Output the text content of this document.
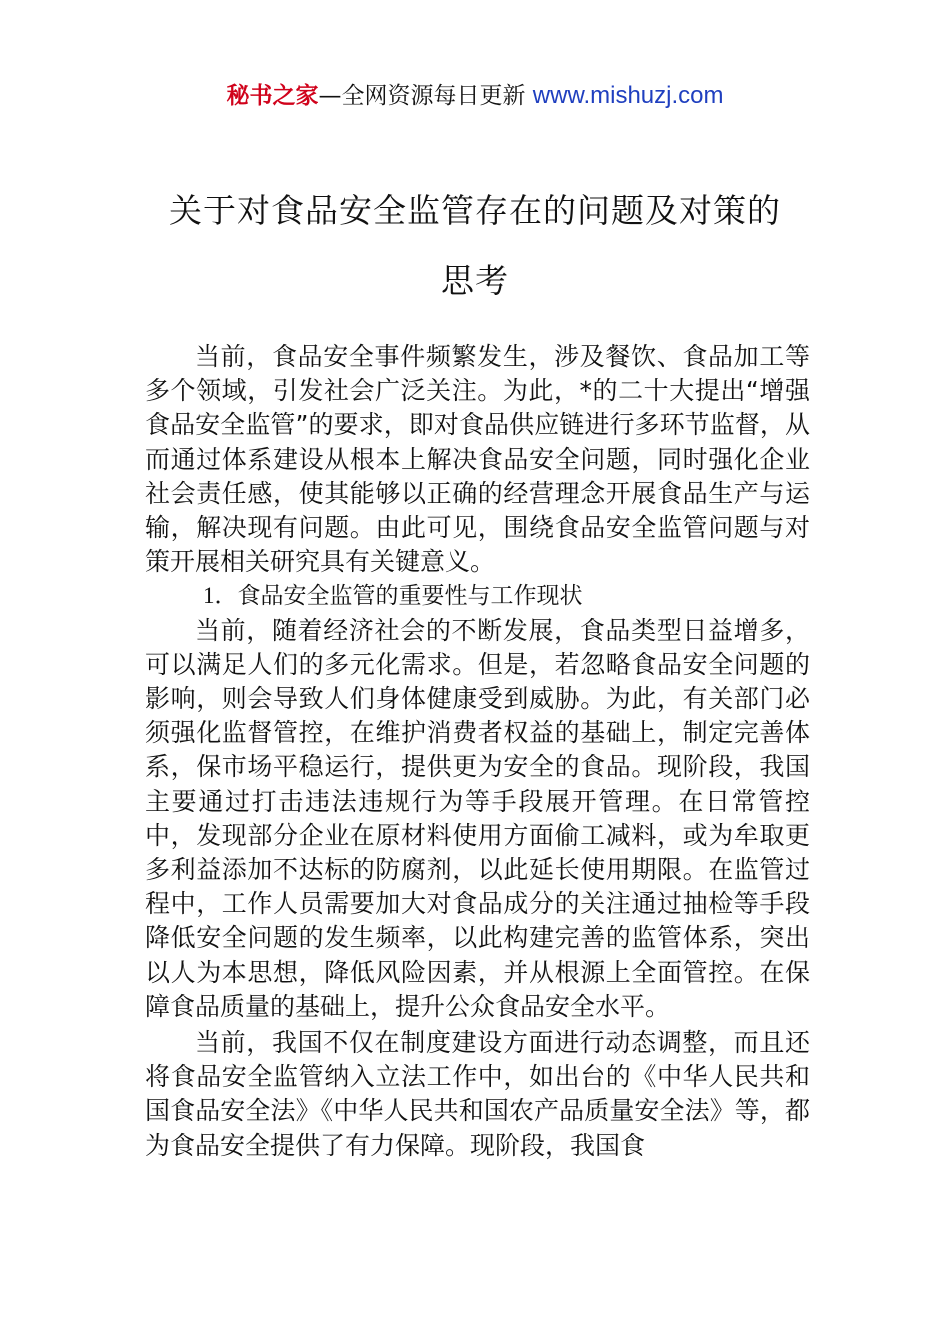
秘书之家—全网资源每日更新 www.mishuzj.com
关于对食品安全监管存在的问题及对策的
思考

当前，食品安全事件频繁发生，涉及餐饮、食品加工等多个领域，引发社会广泛关注。为此，*的二十大提出“增强食品安全监管”的要求，即对食品供应链进行多环节监督，从而通过体系建设从根本上解决食品安全问题，同时强化企业社会责任感，使其能够以正确的经营理念开展食品生产与运输，解决现有问题。由此可见，围绕食品安全监管问题与对策开展相关研究具有关键意义。

1．食品安全监管的重要性与工作现状

当前，随着经济社会的不断发展，食品类型日益增多，可以满足人们的多元化需求。但是，若忽略食品安全问题的影响，则会导致人们身体健康受到威胁。为此，有关部门必须强化监督管控，在维护消费者权益的基础上，制定完善体系，保市场平稳运行，提供更为安全的食品。现阶段，我国主要通过打击违法违规行为等手段展开管理。在日常管控中，发现部分企业在原材料使用方面偷工减料，或为牟取更多利益添加不达标的防腐剂，以此延长使用期限。在监管过程中，工作人员需要加大对食品成分的关注通过抽检等手段降低安全问题的发生频率，以此构建完善的监管体系，突出以人为本思想，降低风险因素，并从根源上全面管控。在保障食品质量的基础上，提升公众食品安全水平。

当前，我国不仅在制度建设方面进行动态调整，而且还将食品安全监管纳入立法工作中，如出台的《中华人民共和国食品安全法》《中华人民共和国农产品质量安全法》等，都为食品安全提供了有力保障。现阶段，我国食
